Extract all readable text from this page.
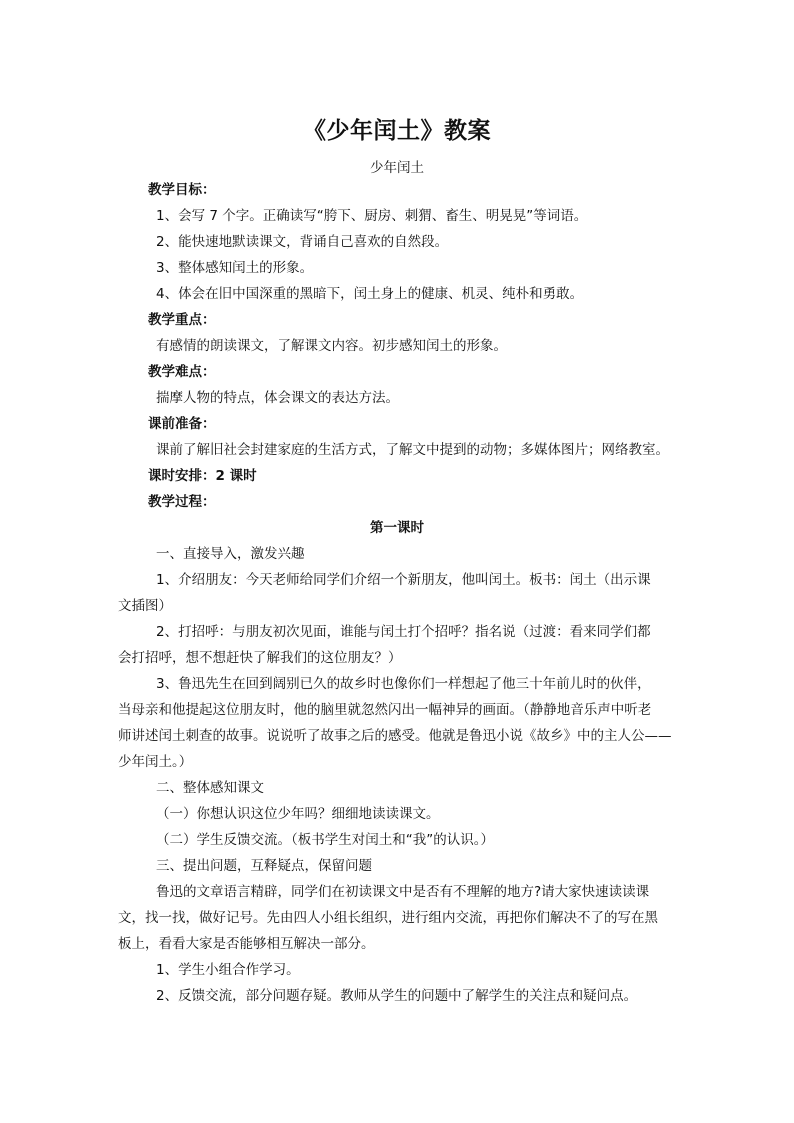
《少年闰土》教案
少年闰土
教学目标：
1、会写 7 个字。正确读写“胯下、厨房、刺猬、畜生、明晃晃”等词语。
2、能快速地默读课文，背诵自己喜欢的自然段。
3、整体感知闰土的形象。
4、体会在旧中国深重的黑暗下，闰土身上的健康、机灵、纯朴和勇敢。
教学重点：
有感情的朗读课文，了解课文内容。初步感知闰土的形象。
教学难点：
揣摩人物的特点，体会课文的表达方法。
课前准备：
课前了解旧社会封建家庭的生活方式，了解文中提到的动物；多媒体图片；网络教室。
课时安排：2 课时
教学过程：
第一课时
一、直接导入，激发兴趣
1、介绍朋友：今天老师给同学们介绍一个新朋友，他叫闰土。板书：闰土（出示课
文插图）
2、打招呼：与朋友初次见面，谁能与闰土打个招呼？指名说（过渡：看来同学们都
会打招呼，想不想赶快了解我们的这位朋友？）
3、鲁迅先生在回到阔别已久的故乡时也像你们一样想起了他三十年前儿时的伙伴，
当母亲和他提起这位朋友时，他的脑里就忽然闪出一幅神异的画面。（静静地音乐声中听老
师讲述闰土刺查的故事。说说听了故事之后的感受。他就是鲁迅小说《故乡》中的主人公——
少年闰土。）
二、整体感知课文
（一）你想认识这位少年吗？细细地读读课文。
（二）学生反馈交流。（板书学生对闰土和“我”的认识。）
三、提出问题，互释疑点，保留问题
鲁迅的文章语言精辟，同学们在初读课文中是否有不理解的地方?请大家快速读读课
文，找一找，做好记号。先由四人小组长组织，进行组内交流，再把你们解决不了的写在黑
板上，看看大家是否能够相互解决一部分。
1、学生小组合作学习。
2、反馈交流，部分问题存疑。教师从学生的问题中了解学生的关注点和疑问点。
